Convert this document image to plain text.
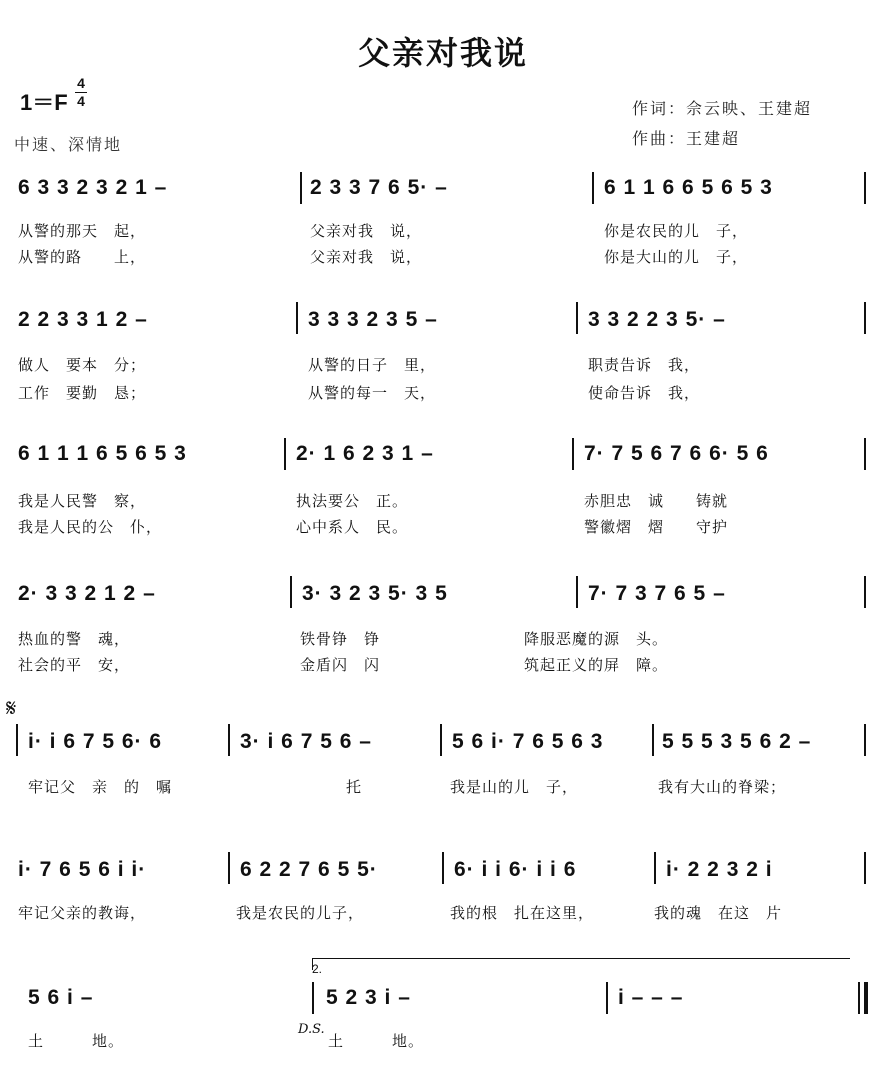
父亲对我说
1＝F
4
4
中速、深情地
作词：佘云映、王建超
作曲：王建超
6 3 3 2 3 2 1 –	2 3 3 7 6 5· –	6 1 1 6 6 5 6 5 3
从警的那天　起，	父亲对我　说，	你是农民的儿　子，
从警的路　　上，	父亲对我　说，	你是大山的儿　子，
2 2 3 3 1 2 –	3 3 3 2 3 5 –	3 3 2 2 3 5· –
做人　要本　分；	从警的日子　里，	职责告诉　我，
工作　要勤　恳；	从警的每一　天，	使命告诉　我，
6 1 1 1 6 5 6 5 3	2· 1 6 2 3 1 –	7· 7 5 6 7 6 6· 5 6
我是人民警　察，	执法要公　正。	赤胆忠　诚　　铸就
我是人民的公　仆，	心中系人　民。	警徽熠　熠　　守护
2· 3 3 2 1 2 –	3· 3 2 3 5· 3 5	7· 7 3 7 6 5 –
热血的警　魂，	铁骨铮　铮	降服恶魔的源　头。
社会的平　安，	金盾闪　闪	筑起正义的屏　障。
𝄋
i· i 6 7 5 6· 6	3· i 6 7 5 6 –	5 6 i· 7 6 5 6 3	5 5 5 3 5 6 2 –
牢记父　亲　的　嘱	托	我是山的儿　子，	我有大山的脊梁；
i· 7 6 5 6 i i·	6 2 2 7 6 5 5·	6· i i 6· i i 6	i· 2 2 3 2 i
牢记父亲的教诲，	我是农民的儿子，	我的根　扎在这里，	我的魂　在这　片
2.
5 6 i –	5 2 3 i –	i – – –
土　　　地。
D.S.
土　　　地。
